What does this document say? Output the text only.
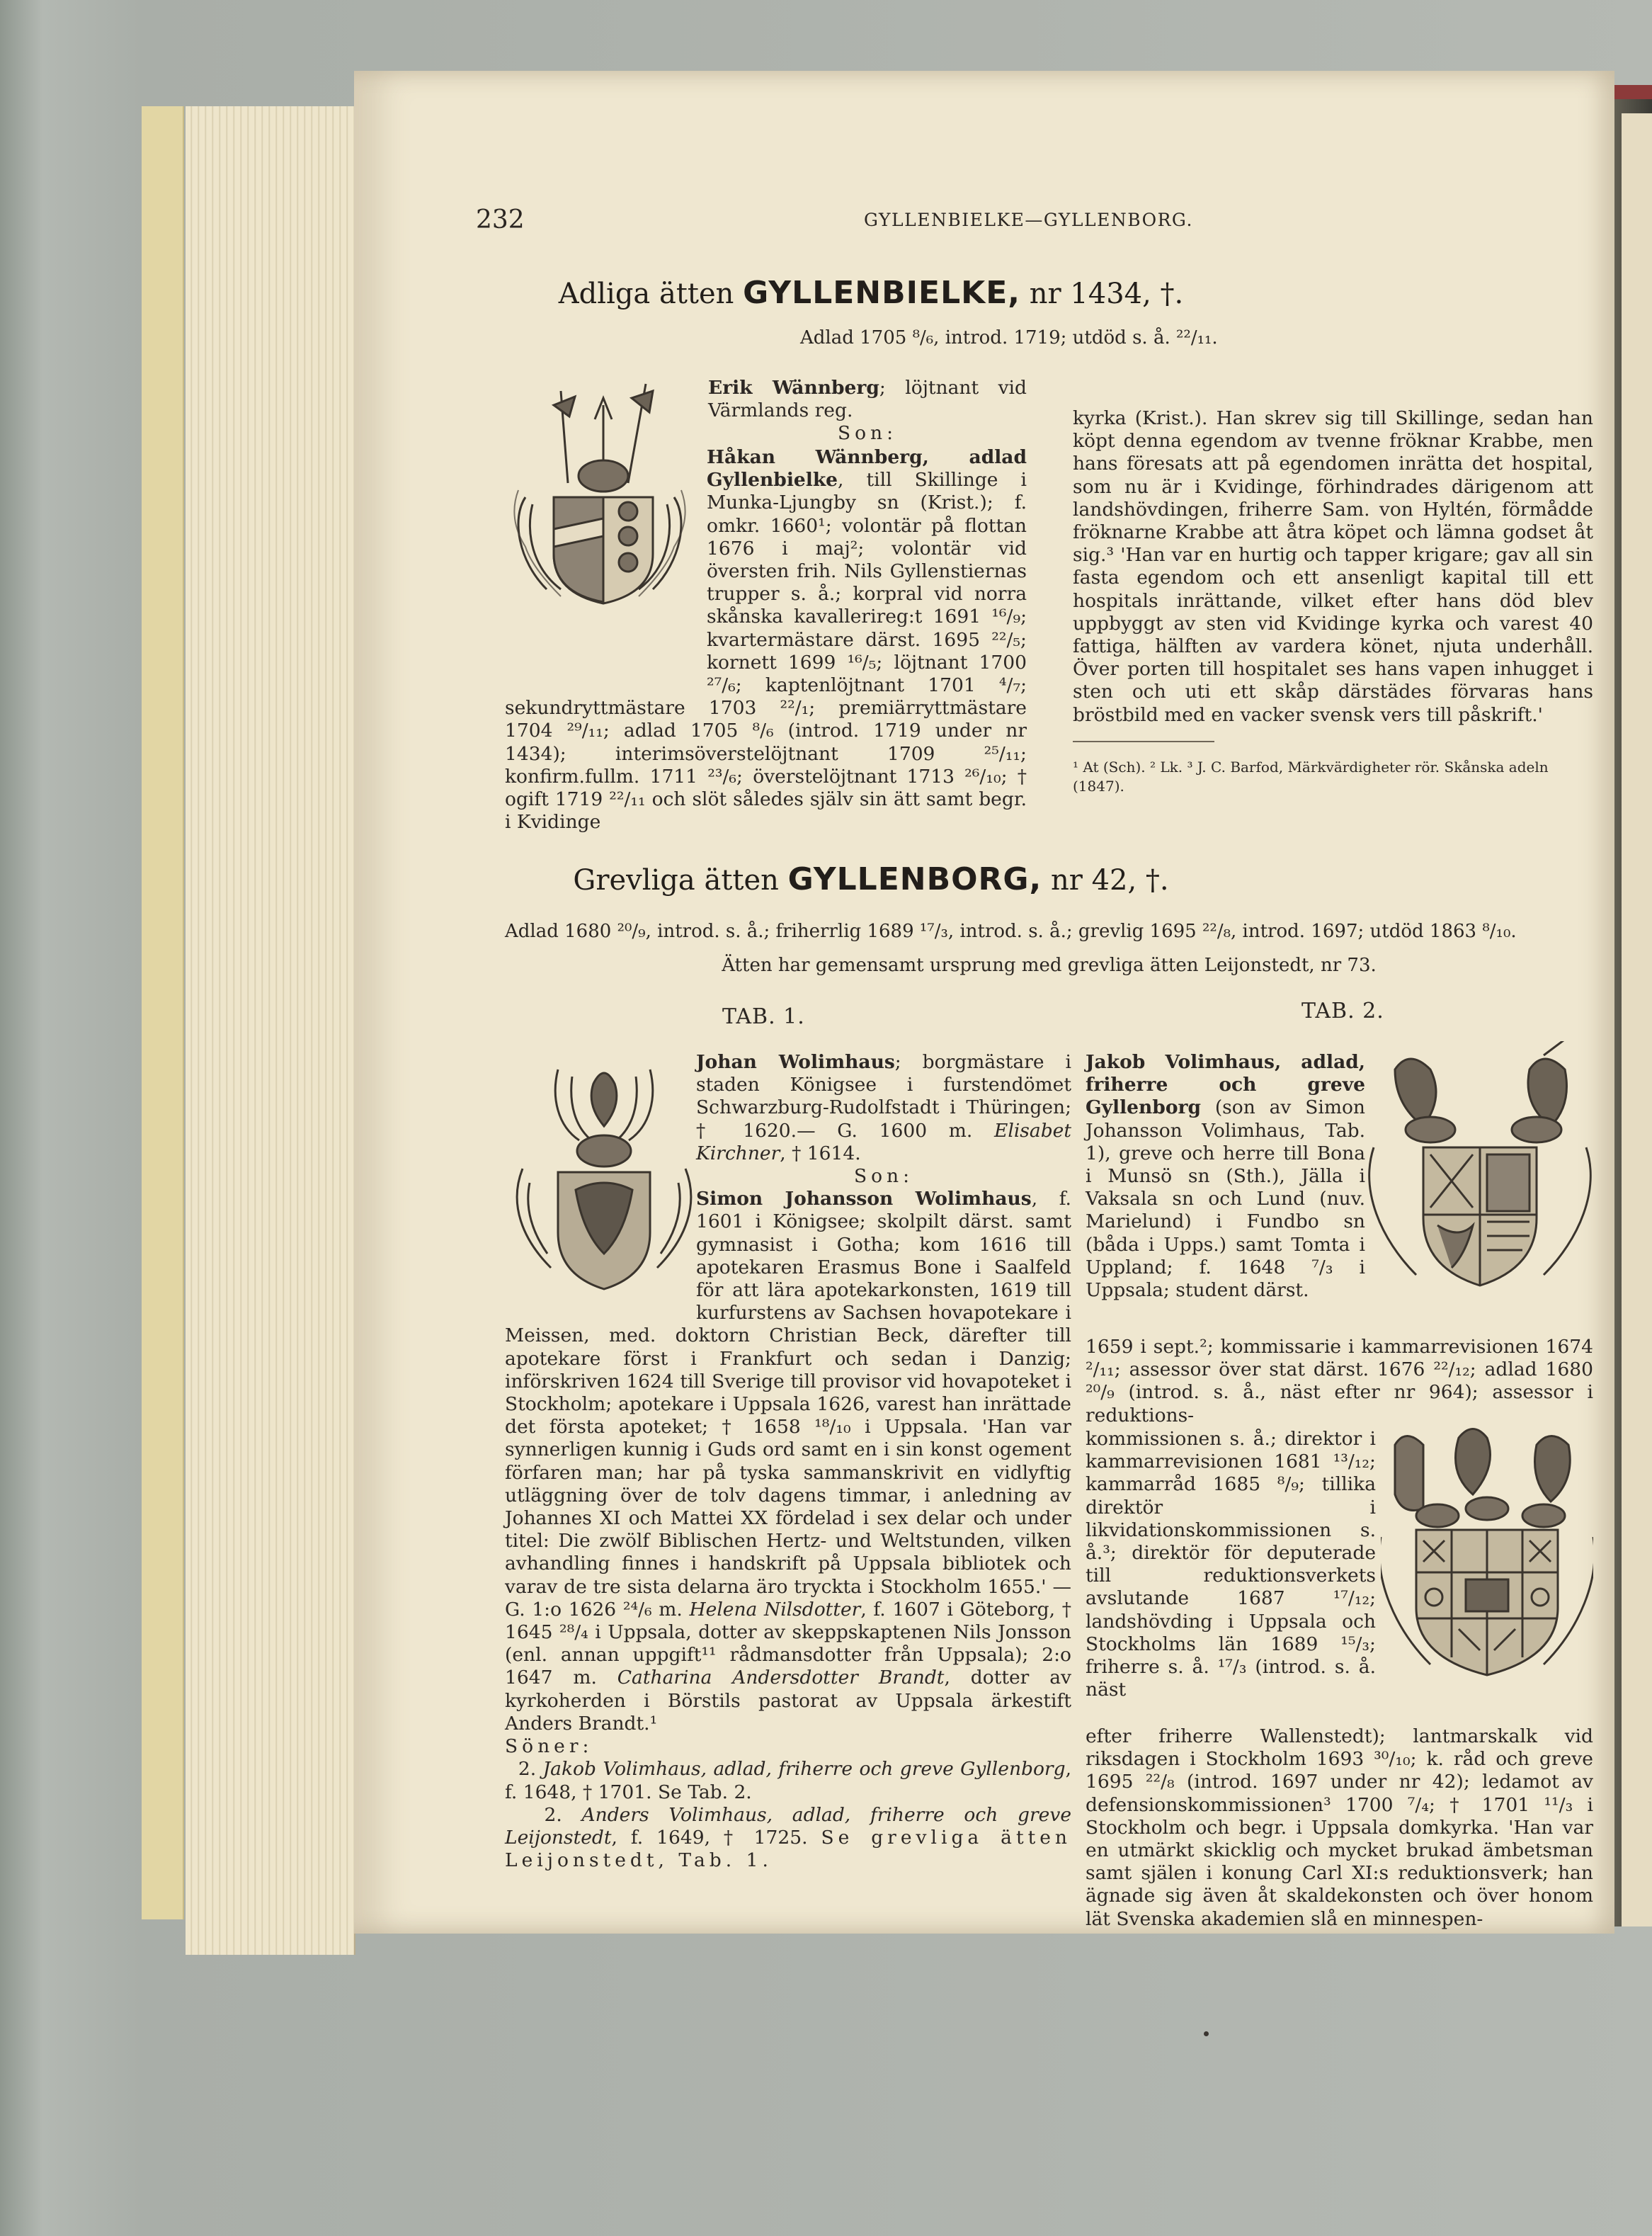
232	GYLLENBIELKE—GYLLENBORG.
Adliga ätten GYLLENBIELKE, nr 1434, †.
Adlad 1705 ⁸/₆, introd. 1719; utdöd s. å. ²²/₁₁.
Erik Wännberg; löjtnant vid Värmlands reg.
Son:
Håkan Wännberg, adlad Gyllenbielke, till Skillinge i Munka-Ljungby sn (Krist.); f. omkr. 1660¹; volontär på flottan 1676 i maj²; volontär vid översten frih. Nils Gyllenstiernas trupper s. å.; korpral vid norra skånska kavallerireg:t 1691 ¹⁶/₉; kvartermästare därst. 1695 ²²/₅; kornett 1699 ¹⁶/₅; löjtnant 1700 ²⁷/₆; kaptenlöjtnant 1701 ⁴/₇; sekundryttmästare 1703 ²²/₁; premiärryttmästare 1704 ²⁹/₁₁; adlad 1705 ⁸/₆ (introd. 1719 under nr 1434); interimsöverstelöjtnant 1709 ²⁵/₁₁; konfirm.fullm. 1711 ²³/₆; överstelöjtnant 1713 ²⁶/₁₀; † ogift 1719 ²²/₁₁ och slöt således själv sin ätt samt begr. i Kvidinge
kyrka (Krist.). Han skrev sig till Skillinge, sedan han köpt denna egendom av tvenne fröknar Krabbe, men hans föresats att på egendomen inrätta det hospital, som nu är i Kvidinge, förhindrades därigenom att landshövdingen, friherre Sam. von Hyltén, förmådde fröknarne Krabbe att åtra köpet och lämna godset åt sig.³ 'Han var en hurtig och tapper krigare; gav all sin fasta egendom och ett ansenligt kapital till ett hospitals inrättande, vilket efter hans död blev uppbyggt av sten vid Kvidinge kyrka och varest 40 fattiga, hälften av vardera könet, njuta underhåll. Över porten till hospitalet ses hans vapen inhugget i sten och uti ett skåp därstädes förvaras hans bröstbild med en vacker svensk vers till påskrift.'
¹ At (Sch). ² Lk. ³ J. C. Barfod, Märkvärdigheter rör. Skånska adeln (1847).
Grevliga ätten GYLLENBORG, nr 42, †.
Adlad 1680 ²⁰/₉, introd. s. å.; friherrlig 1689 ¹⁷/₃, introd. s. å.; grevlig 1695 ²²/₈, introd. 1697; utdöd 1863 ⁸/₁₀.
Ätten har gemensamt ursprung med grevliga ätten Leijonstedt, nr 73.
TAB. 1.	TAB. 2.
Johan Wolimhaus; borgmästare i staden Königsee i furstendömet Schwarzburg-Rudolfstadt i Thüringen; † 1620.— G. 1600 m. Elisabet Kirchner, † 1614.

Son:
Simon Johansson Wolimhaus, f. 1601 i Königsee; skolpilt därst. samt gymnasist i Gotha; kom 1616 till apotekaren Erasmus Bone i Saalfeld för att lära apotekarkonsten, 1619 till kurfurstens av Sachsen hovapotekare i Meissen, med. doktorn Christian Beck, därefter till apotekare först i Frankfurt och sedan i Danzig; införskriven 1624 till Sverige till provisor vid hovapoteket i Stockholm; apotekare i Uppsala 1626, varest han inrättade det första apoteket; † 1658 ¹⁸/₁₀ i Uppsala. 'Han var synnerligen kunnig i Guds ord samt en i sin konst ogement förfaren man; har på tyska sammanskrivit en vidlyftig utläggning över de tolv dagens timmar, i anledning av Johannes XI och Mattei XX fördelad i sex delar och under titel: Die zwölf Biblischen Hertz- und Weltstunden, vilken avhandling finnes i handskrift på Uppsala bibliotek och varav de tre sista delarna äro tryckta i Stockholm 1655.' — G. 1:o 1626 ²⁴/₆ m. Helena Nilsdotter, f. 1607 i Göteborg, † 1645 ²⁸/₄ i Uppsala, dotter av skeppskaptenen Nils Jonsson (enl. annan uppgift¹¹ rådmansdotter från Uppsala); 2:o 1647 m. Catharina Andersdotter Brandt, dotter av kyrkoherden i Börstils pastorat av Uppsala ärkestift Anders Brandt.¹
Söner:
2. Jakob Volimhaus, adlad, friherre och greve Gyllenborg, f. 1648, † 1701. Se Tab. 2.
2. Anders Volimhaus, adlad, friherre och greve Leijonstedt, f. 1649, † 1725. Se grevliga ätten Leijonstedt, Tab. 1.
Jakob Volimhaus, adlad, friherre och greve Gyllenborg (son av Simon Johansson Volimhaus, Tab. 1), greve och herre till Bona i Munsö sn (Sth.), Jälla i Vaksala sn och Lund (nuv. Marielund) i Fundbo sn (båda i Upps.) samt Tomta i Uppland; f. 1648 ⁷/₃ i Uppsala; student därst.
1659 i sept.²; kommissarie i kammarrevisionen 1674 ²/₁₁; assessor över stat därst. 1676 ²²/₁₂; adlad 1680 ²⁰/₉ (introd. s. å., näst efter nr 964); assessor i reduktions-
kommissionen s. å.; direktor i kammarrevisionen 1681 ¹³/₁₂; kammarråd 1685 ⁸/₉; tillika direktör i likvidationskommissionen s. å.³; direktör för deputerade till reduktionsverkets avslutande 1687 ¹⁷/₁₂; landshövding i Uppsala och Stockholms län 1689 ¹⁵/₃; friherre s. å. ¹⁷/₃ (introd. s. å. näst
efter friherre Wallenstedt); lantmarskalk vid riksdagen i Stockholm 1693 ³⁰/₁₀; k. råd och greve 1695 ²²/₈ (introd. 1697 under nr 42); ledamot av defensionskommissionen³ 1700 ⁷/₄; † 1701 ¹¹/₃ i Stockholm och begr. i Uppsala domkyrka. 'Han var en utmärkt skicklig och mycket brukad ämbetsman samt själen i konung Carl XI:s reduktionsverk; han ägnade sig även åt skaldekonsten och över honom lät Svenska akademien slå en minnespen-
